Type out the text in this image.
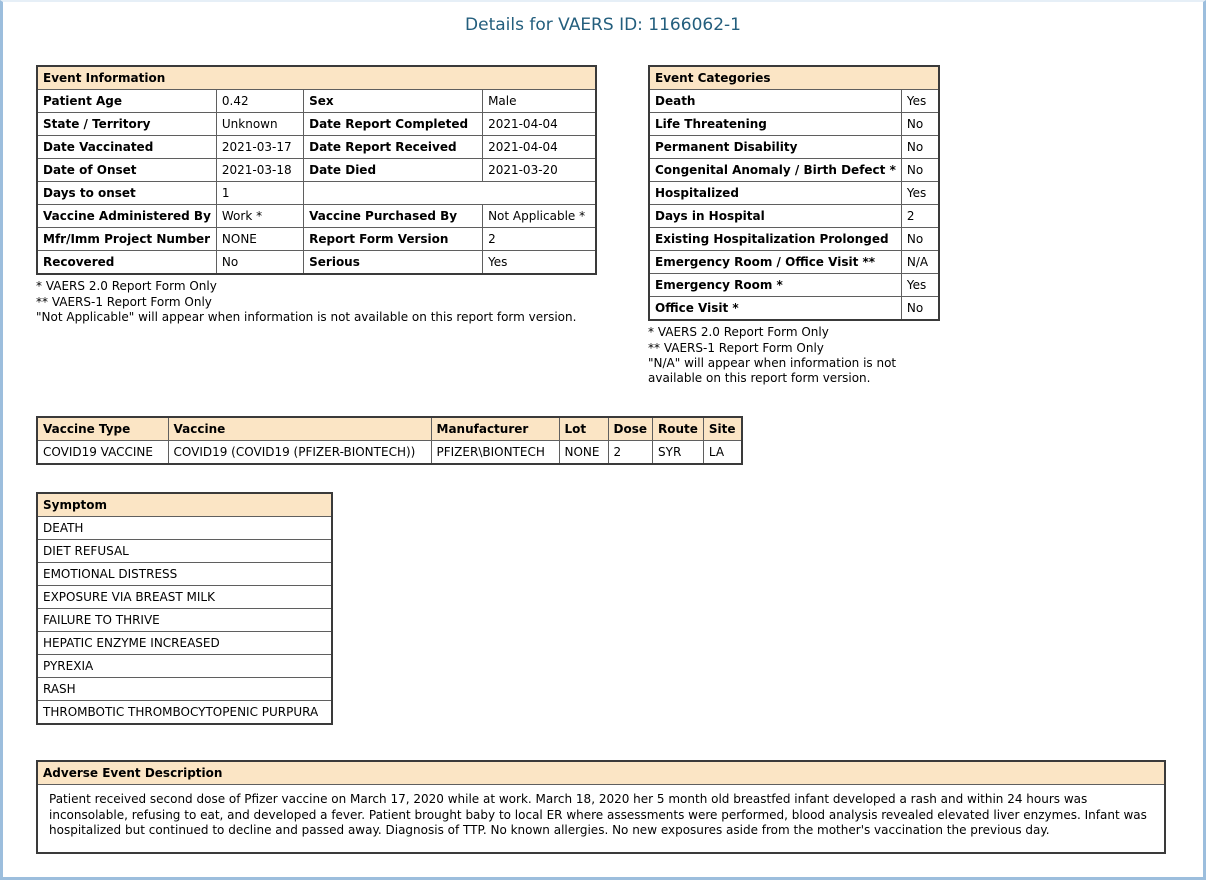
Details for VAERS ID: 1166062-1
Event Information			
Patient Age	0.42	Sex	Male
State / Territory	Unknown	Date Report Completed	2021-04-04
Date Vaccinated	2021-03-17	Date Report Received	2021-04-04
Date of Onset	2021-03-18	Date Died	2021-03-20
Days to onset	1		
Vaccine Administered By	Work *	Vaccine Purchased By	Not Applicable *
Mfr/Imm Project Number	NONE	Report Form Version	2
Recovered	No	Serious	Yes
* VAERS 2.0 Report Form Only
** VAERS-1 Report Form Only
"Not Applicable" will appear when information is not available on this report form version.
Event Categories	
Death	Yes
Life Threatening	No
Permanent Disability	No
Congenital Anomaly / Birth Defect *	No
Hospitalized	Yes
Days in Hospital	2
Existing Hospitalization Prolonged	No
Emergency Room / Office Visit **	N/A
Emergency Room *	Yes
Office Visit *	No
* VAERS 2.0 Report Form Only
** VAERS-1 Report Form Only
"N/A" will appear when information is not available on this report form version.
Vaccine Type	Vaccine	Manufacturer	Lot	Dose	Route	Site
COVID19 VACCINE	COVID19 (COVID19 (PFIZER-BIONTECH))	PFIZER\BIONTECH	NONE	2	SYR	LA
Symptom
DEATH
DIET REFUSAL
EMOTIONAL DISTRESS
EXPOSURE VIA BREAST MILK
FAILURE TO THRIVE
HEPATIC ENZYME INCREASED
PYREXIA
RASH
THROMBOTIC THROMBOCYTOPENIC PURPURA
Adverse Event Description
Patient received second dose of Pfizer vaccine on March 17, 2020 while at work. March 18, 2020 her 5 month old breastfed infant developed a rash and within 24 hours was inconsolable, refusing to eat, and developed a fever. Patient brought baby to local ER where assessments were performed, blood analysis revealed elevated liver enzymes. Infant was hospitalized but continued to decline and passed away. Diagnosis of TTP. No known allergies. No new exposures aside from the mother's vaccination the previous day.
